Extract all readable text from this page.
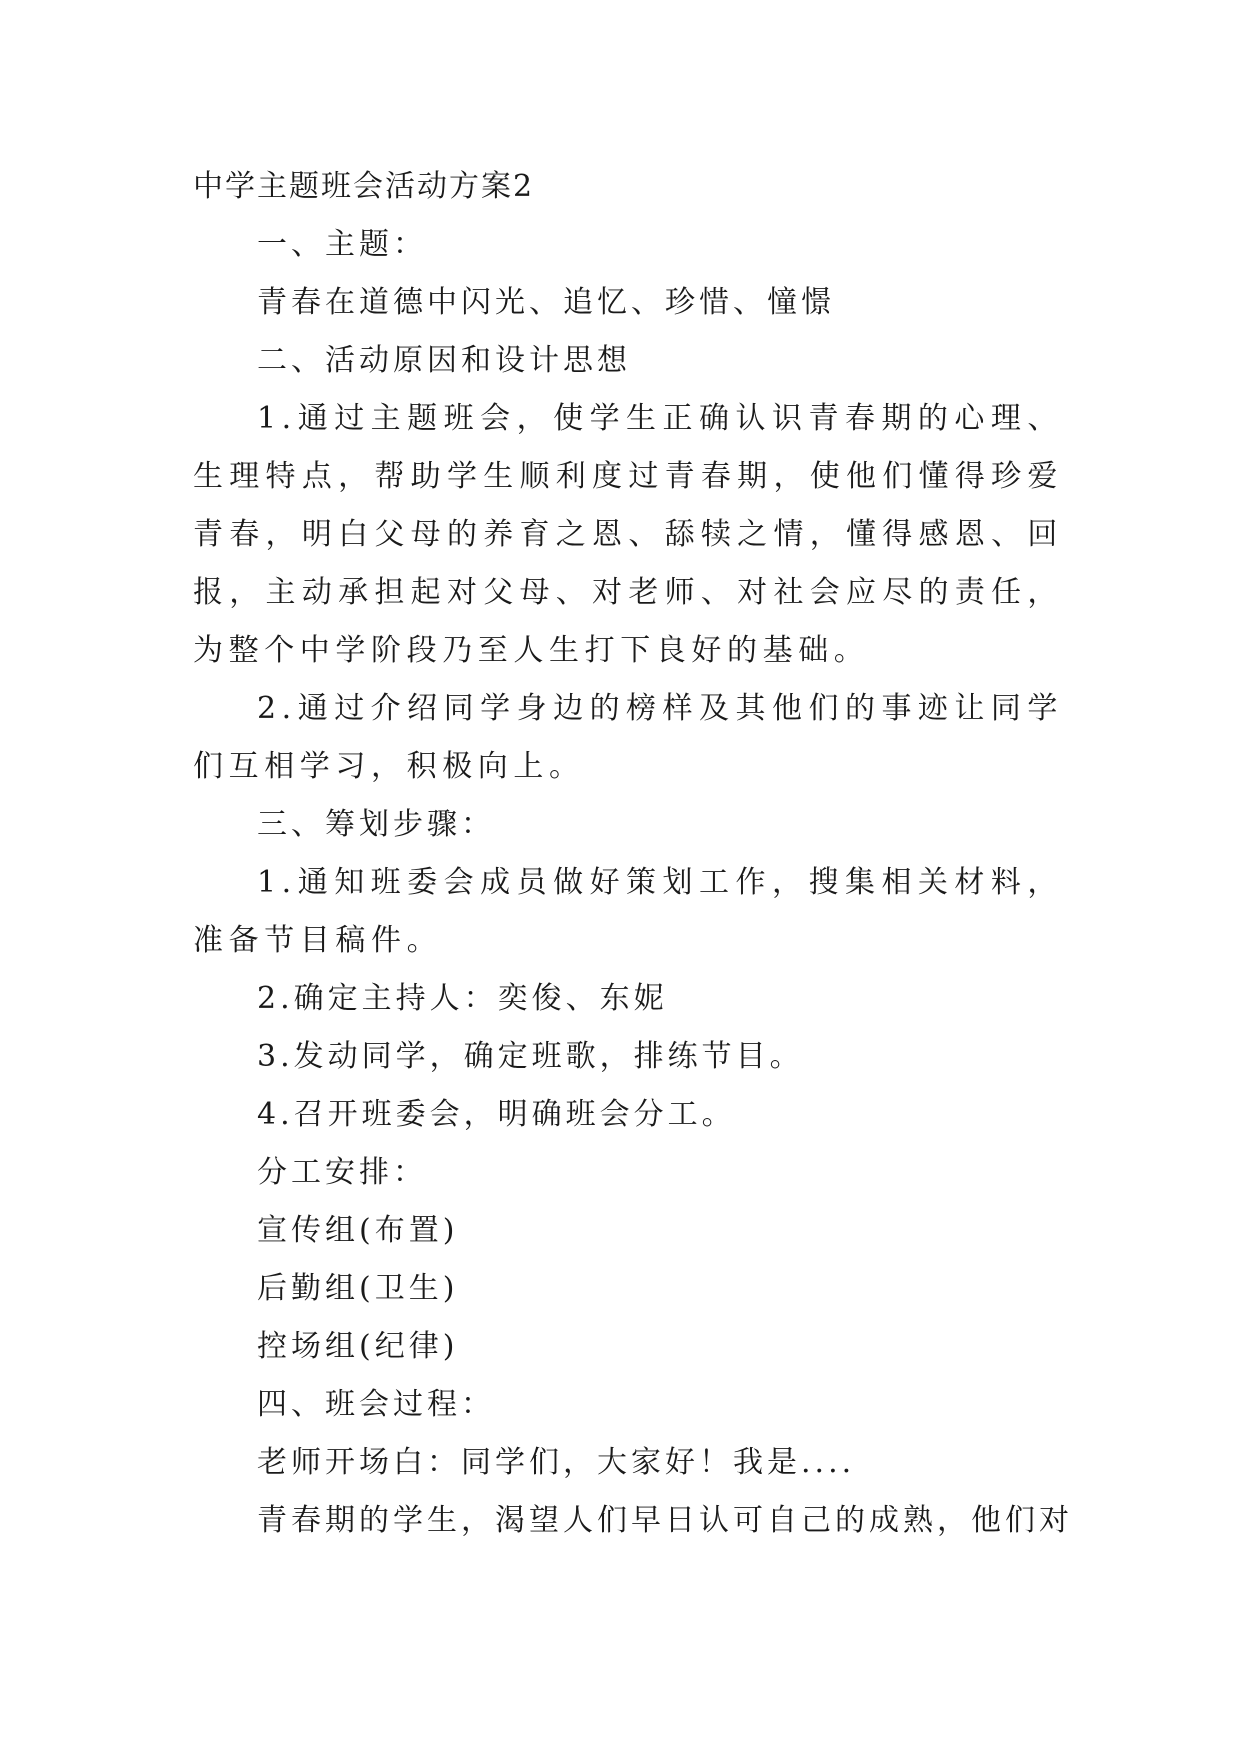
中学主题班会活动方案2
一、主题：
青春在道德中闪光、追忆、珍惜、憧憬
二、活动原因和设计思想

1.通过主题班会，使学生正确认识青春期的心理、生理特点，帮助学生顺利度过青春期，使他们懂得珍爱青春，明白父母的养育之恩、舔犊之情，懂得感恩、回报，主动承担起对父母、对老师、对社会应尽的责任，为整个中学阶段乃至人生打下良好的基础。

2.通过介绍同学身边的榜样及其他们的事迹让同学们互相学习，积极向上。

三、筹划步骤：

1.通知班委会成员做好策划工作，搜集相关材料，准备节目稿件。

2.确定主持人：奕俊、东妮
3.发动同学，确定班歌，排练节目。
4.召开班委会，明确班会分工。
分工安排：
宣传组(布置)
后勤组(卫生)
控场组(纪律)
四、班会过程：
老师开场白：同学们，大家好！我是....
青春期的学生，渴望人们早日认可自己的成熟，他们对
